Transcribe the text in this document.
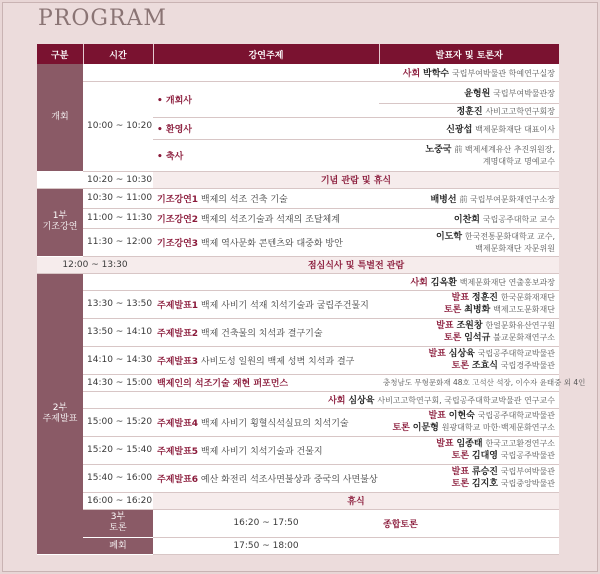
PROGRAM
구분	시간	강연주제	발표자 및 토론자	
개회			사회 박학수 국립부여박물관 학예연구실장	
	10:00 ~ 10:20	• 개회사	윤형원 국립부여박물관장	
			정훈진 사비고고학연구회장	
		• 환영사	신광섭 백제문화재단 대표이사	
		• 축사	노중국 前 백제세계유산 추진위원장,
계명대학교 명예교수	

	10:20 ~ 10:30	기념 관람 및 휴식		

1부
기조강연	10:30 ~ 11:00	기조강연1 백제의 석조 건축 기술	배병선 前 국립부여문화재연구소장	
	11:00 ~ 11:30	기조강연2 백제의 석조기술과 석재의 조달체계	이찬희 국립공주대학교 교수	
	11:30 ~ 12:00	기조강연3 백제 역사문화 콘텐츠와 대중화 방안	이도학 한국전통문화대학교 교수,
백제문화재단 자문위원	

12:00 ~ 13:30		점심식사 및 특별전 관람		

2부
주제발표			사회 김옥환 백제문화재단 연출홍보과장	
	13:30 ~ 13:50	주제발표1 백제 사비기 석재 치석기술과 굴립주건물지	발표 정훈진 한국문화재재단
토론 최병화 백제고도문화재단	

	13:50 ~ 14:10	주제발표2 백제 건축물의 치석과 결구기술	발표 조원창 한얼문화유산연구원
토론 임석규 불교문화재연구소	

	14:10 ~ 14:30	주제발표3 사비도성 일원의 백제 성벽 치석과 결구	발표 심상육 국립공주대학교박물관
토론 조효식 국립경주박물관	

	14:30 ~ 15:00	백제인의 석조기술 재현 퍼포먼스	충청남도 무형문화재 48호 고석산 석장, 이수자 윤태중 외 4인	
		사회 심상육 사비고고학연구회, 국립공주대학교박물관 연구교수		
	15:00 ~ 15:20	주제발표4 백제 사비기 횡혈식석실묘의 치석기술	발표 이현숙 국립공주대학교박물관
토론 이문형 원광대학교 마한·백제문화연구소	

	15:20 ~ 15:40	주제발표5 백제 사비기 치석기술과 건물지	발표 임종태 한국고고환경연구소
토론 김대영 국립공주박물관	

	15:40 ~ 16:00	주제발표6 예산 화전리 석조사면불상과 중국의 사면불상	발표 류승진 국립부여박물관
토론 김지호 국립중앙박물관	

	16:00 ~ 16:20	휴식		

	3부
토론	16:20 ~ 17:50	종합토론	

	폐회	17:50 ~ 18:00		
